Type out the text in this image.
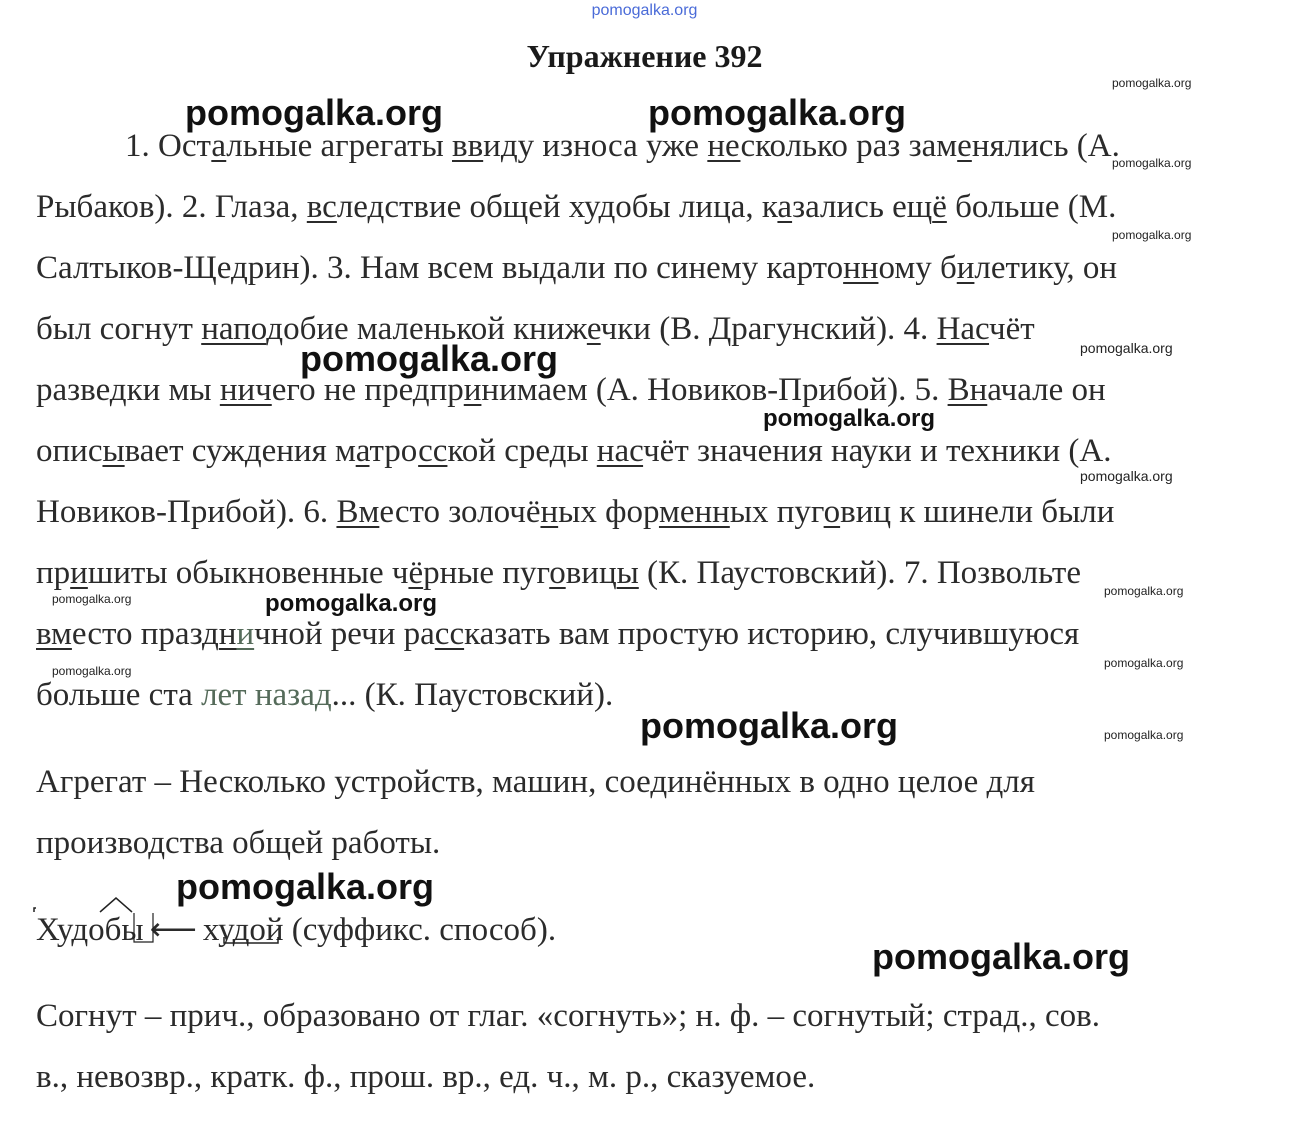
pomogalka.org
Упражнение 392
pomogalka.org	pomogalka.org
pomogalka.org
pomogalka.org
pomogalka.org
pomogalka.org
pomogalka.org
pomogalka.org
pomogalka.org
pomogalka.org
pomogalka.org
pomogalka.org
pomogalka.org
pomogalka.org
pomogalka.org
pomogalka.org
pomogalka.org
pomogalka.org
1. Остальные агрегаты ввиду износа уже несколько раз заменялись (А.
Рыбаков). 2. Глаза, вследствие общей худобы лица, казались ещё больше (М.
Салтыков-Щедрин). 3. Нам всем выдали по синему картонному билетику, он
был согнут наподобие маленькой книжечки (В. Драгунский). 4. Насчёт
разведки мы ничего не предпринимаем (А. Новиков-Прибой). 5. Вначале он
описывает суждения матросской среды насчёт значения науки и техники (А.
Новиков-Прибой). 6. Вместо золочёных форменных пуговиц к шинели были
пришиты обыкновенные чёрные пуговицы (К. Паустовский). 7. Позвольте
вместо праздничной речи рассказать вам простую историю, случившуюся
больше ста лет назад... (К. Паустовский).
Агрегат – Несколько устройств, машин, соединённых в одно целое для
производства общей работы.
Худобы ⟵ худой (суффикс. способ).
Согнут – прич., образовано от глаг. «согнуть»; н. ф. – согнутый; страд., сов.
в., невозвр., кратк. ф., прош. вр., ед. ч., м. р., сказуемое.
